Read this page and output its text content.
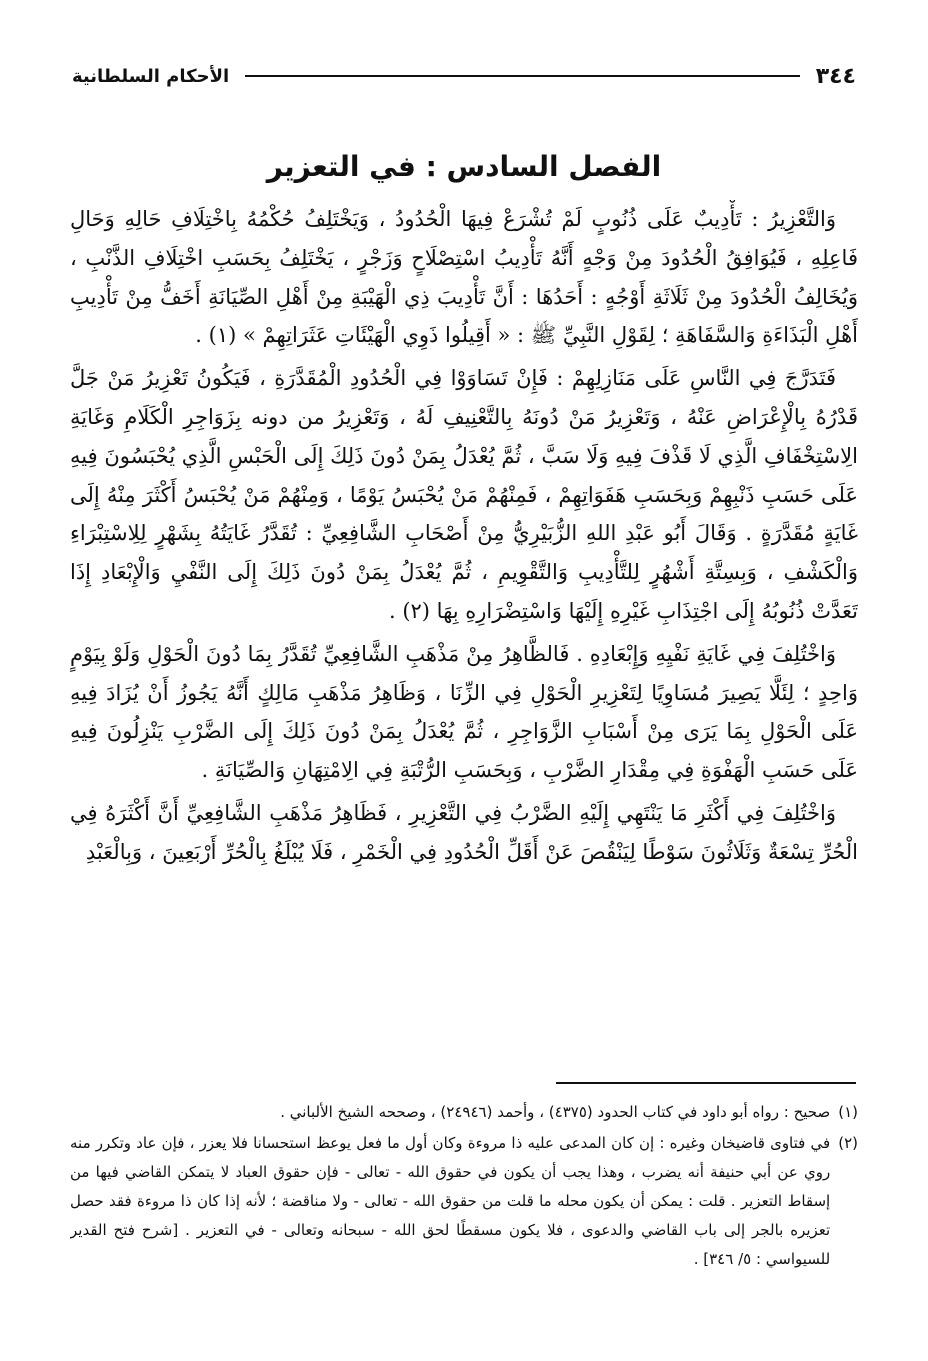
٣٤٤
الأحكام السلطانية
الفصل السادس : في التعزير

وَالتَّعْزِيرُ : تَأْدِيبٌ عَلَى ذُنُوبٍ لَمْ تُشْرَعْ فِيهَا الْحُدُودُ ، وَيَخْتَلِفُ حُكْمُهُ بِاخْتِلَافِ حَالِهِ وَحَالِ فَاعِلِهِ ، فَيُوَافِقُ الْحُدُودَ مِنْ وَجْهٍ أَنَّهُ تَأْدِيبُ اسْتِصْلَاحٍ وَزَجْرٍ ، يَخْتَلِفُ بِحَسَبِ اخْتِلَافِ الذَّنْبِ ، وَيُخَالِفُ الْحُدُودَ مِنْ ثَلَاثَةِ أَوْجُهٍ : أَحَدُهَا : أَنَّ تَأْدِيبَ ذِي الْهَيْبَةِ مِنْ أَهْلِ الصِّيَانَةِ أَخَفُّ مِنْ تَأْدِيبِ أَهْلِ الْبَذَاءَةِ وَالسَّفَاهَةِ ؛ لِقَوْلِ النَّبِيِّ ﷺ : « أَقِيلُوا ذَوِي الْهَيْئَاتِ عَثَرَاتِهِمْ » (١) .

فَتَدَرَّجَ فِي النَّاسِ عَلَى مَنَازِلِهِمْ : فَإِنْ تَسَاوَوْا فِي الْحُدُودِ الْمُقَدَّرَةِ ، فَيَكُونُ تَعْزِيرُ مَنْ جَلَّ قَدْرُهُ بِالْإِعْرَاضِ عَنْهُ ، وَتَعْزِيرُ مَنْ دُونَهُ بِالتَّعْنِيفِ لَهُ ، وَتَعْزِيرُ من دونه بِزَوَاجِرِ الْكَلَامِ وَغَايَةِ الِاسْتِخْفَافِ الَّذِي لَا قَذْفَ فِيهِ وَلَا سَبَّ ، ثُمَّ يُعْدَلُ بِمَنْ دُونَ ذَلِكَ إِلَى الْحَبْسِ الَّذِي يُحْبَسُونَ فِيهِ عَلَى حَسَبِ ذَنْبِهِمْ وَبِحَسَبِ هَفَوَاتِهِمْ ، فَمِنْهُمْ مَنْ يُحْبَسُ يَوْمًا ، وَمِنْهُمْ مَنْ يُحْبَسُ أَكْثَرَ مِنْهُ إِلَى غَايَةٍ مُقَدَّرَةٍ . وَقَالَ أَبُو عَبْدِ اللهِ الزُّبَيْرِيُّ مِنْ أَصْحَابِ الشَّافِعِيِّ : تُقَدَّرُ غَايَتُهُ بِشَهْرٍ لِلِاسْتِبْرَاءِ وَالْكَشْفِ ، وَبِسِتَّةِ أَشْهُرٍ لِلتَّأْدِيبِ وَالتَّقْوِيمِ ، ثُمَّ يُعْدَلُ بِمَنْ دُونَ ذَلِكَ إِلَى النَّفْيِ وَالْإِبْعَادِ إِذَا تَعَدَّتْ ذُنُوبُهُ إِلَى اجْتِذَابِ غَيْرِهِ إِلَيْهَا وَاسْتِضْرَارِهِ بِهَا (٢) .

وَاخْتُلِفَ فِي غَايَةِ نَفْيِهِ وَإِبْعَادِهِ . فَالظَّاهِرُ مِنْ مَذْهَبِ الشَّافِعِيِّ تُقَدَّرُ بِمَا دُونَ الْحَوْلِ وَلَوْ بِيَوْمٍ وَاحِدٍ ؛ لِئَلَّا يَصِيرَ مُسَاوِيًا لِتَعْزِيرِ الْحَوْلِ فِي الزِّنَا ، وَظَاهِرُ مَذْهَبِ مَالِكٍ أَنَّهُ يَجُوزُ أَنْ يُزَادَ فِيهِ عَلَى الْحَوْلِ بِمَا يَرَى مِنْ أَسْبَابِ الزَّوَاجِرِ ، ثُمَّ يُعْدَلُ بِمَنْ دُونَ ذَلِكَ إِلَى الضَّرْبِ يَنْزِلُونَ فِيهِ عَلَى حَسَبِ الْهَفْوَةِ فِي مِقْدَارِ الضَّرْبِ ، وَبِحَسَبِ الرُّتْبَةِ فِي الِامْتِهَانِ وَالصِّيَانَةِ .

وَاخْتُلِفَ فِي أَكْثَرِ مَا يَنْتَهِي إِلَيْهِ الضَّرْبُ فِي التَّعْزِيرِ ، فَظَاهِرُ مَذْهَبِ الشَّافِعِيِّ أَنَّ أَكْثَرَهُ فِي الْحُرِّ تِسْعَةٌ وَثَلَاثُونَ سَوْطًا لِيَنْقُصَ عَنْ أَقَلِّ الْحُدُودِ فِي الْخَمْرِ ، فَلَا يُبْلَغُ بِالْحُرِّ أَرْبَعِينَ ، وَبِالْعَبْدِ

(١)
صحيح : رواه أبو داود في كتاب الحدود (٤٣٧٥) ، وأحمد (٢٤٩٤٦) ، وصححه الشيخ الألباني .
(٢)
في فتاوى قاضيخان وغيره : إن كان المدعى عليه ذا مروءة وكان أول ما فعل يوعظ استحسانا فلا يعزر ، فإن عاد وتكرر منه روي عن أبي حنيفة أنه يضرب ، وهذا يجب أن يكون في حقوق الله - تعالى - فإن حقوق العباد لا يتمكن القاضي فيها من إسقاط التعزير . قلت : يمكن أن يكون محله ما قلت من حقوق الله - تعالى - ولا مناقضة ؛ لأنه إذا كان ذا مروءة فقد حصل تعزيره بالجر إلى باب القاضي والدعوى ، فلا يكون مسقطًا لحق الله - سبحانه وتعالى - في التعزير . [شرح فتح القدير للسيواسي : ٥/ ٣٤٦] .
